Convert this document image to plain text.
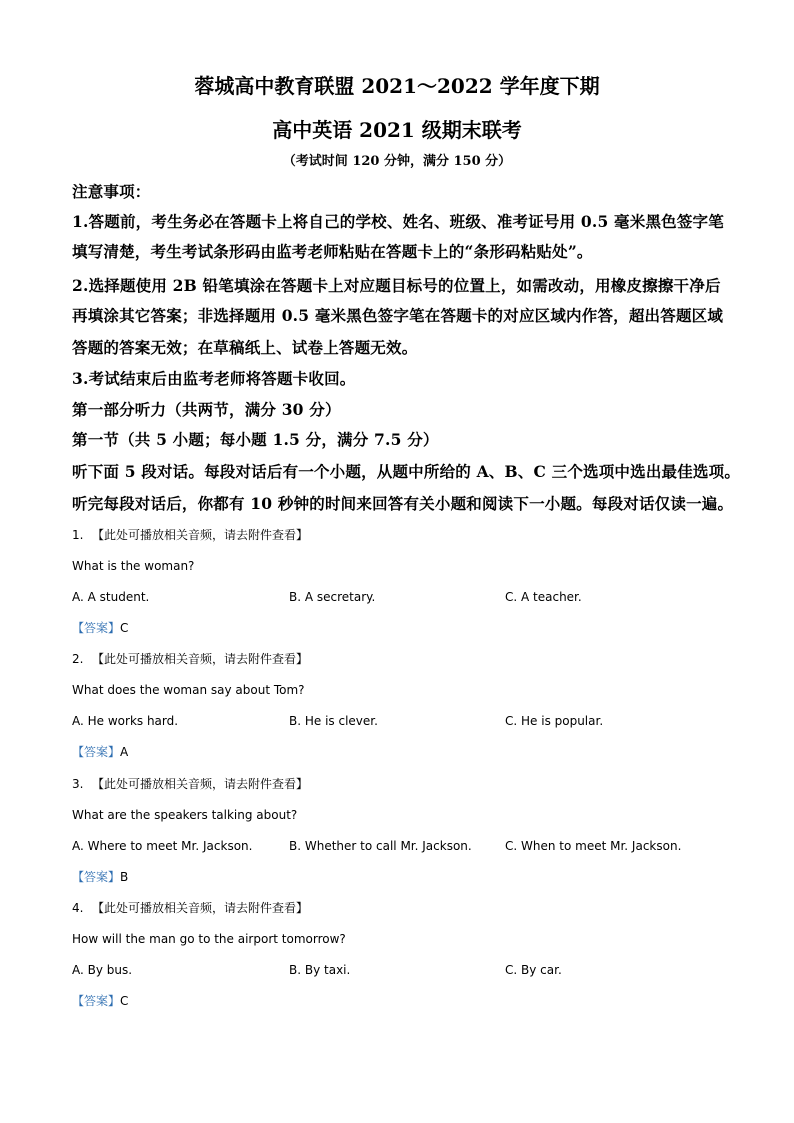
蓉城高中教育联盟 2021～2022 学年度下期
高中英语 2021 级期末联考
（考试时间 120 分钟，满分 150 分）
注意事项：
1.答题前，考生务必在答题卡上将自己的学校、姓名、班级、准考证号用 0.5 毫米黑色签字笔
填写清楚，考生考试条形码由监考老师粘贴在答题卡上的“条形码粘贴处”。
2.选择题使用 2B 铅笔填涂在答题卡上对应题目标号的位置上，如需改动，用橡皮擦擦干净后
再填涂其它答案；非选择题用 0.5 毫米黑色签字笔在答题卡的对应区域内作答，超出答题区域
答题的答案无效；在草稿纸上、试卷上答题无效。
3.考试结束后由监考老师将答题卡收回。
第一部分听力（共两节，满分 30 分）
第一节（共 5 小题；每小题 1.5 分，满分 7.5 分）
听下面 5 段对话。每段对话后有一个小题，从题中所给的 A、B、C 三个选项中选出最佳选项。
听完每段对话后，你都有 10 秒钟的时间来回答有关小题和阅读下一小题。每段对话仅读一遍。
1. 【此处可播放相关音频，请去附件查看】
What is the woman?
A. A student.	B. A secretary.	C. A teacher.
【答案】C
2. 【此处可播放相关音频，请去附件查看】
What does the woman say about Tom?
A. He works hard.	B. He is clever.	C. He is popular.
【答案】A
3. 【此处可播放相关音频，请去附件查看】
What are the speakers talking about?
A. Where to meet Mr. Jackson.	B. Whether to call Mr. Jackson.	C. When to meet Mr. Jackson.
【答案】B
4. 【此处可播放相关音频，请去附件查看】
How will the man go to the airport tomorrow?
A. By bus.	B. By taxi.	C. By car.
【答案】C
